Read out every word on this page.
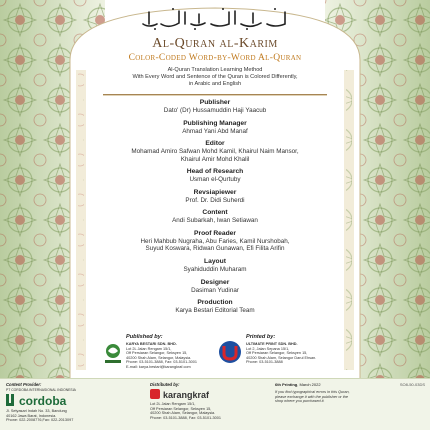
Al-Quran al-Karim
Color-Coded Word-by-Word Al-Quran
Al-Quran Translation Learning Method
With Every Word and Sentence of the Quran is Colored Differently,
in Arabic and English
Publisher
Dato' (Dr) Hussamuddin Haji Yaacub
Publishing Manager
Ahmad Yani Abd Manaf
Editor
Mohamad Amiro Safwan Mohd Kamil, Khairul Naim Mansor,
Khairul Amir Mohd Khalil
Head of Research
Usman el-Qurtuby
Revsiapiewer
Prof. Dr. Didi Suherdi
Content
Andi Subarkah, Iwan Setiawan
Proof Reader
Heri Mahbub Nugraha, Abu Faries, Kamil Nurshobah,
Suyud Koswara, Ridwan Gunawan, Efi Filita Arifin
Layout
Syahiduddin Muharam
Designer
Dasiman Yudinar
Production
Karya Bestari Editorial Team
Published by:
KARYA BESTARI SDN. BHD.
Lot 2L Jalan Rengam 15/1,
Off Persiaran Selangor, Seksyen 15,
40200 Shah Alam, Selangor, Malaysia.
Phone: 03-5101-3888, Fax: 03-5101-3001
E-mail: karya.bestari@karangkraf.com
Printed by:
ULTIMATE PRINT SDN. BHD.
Lot 2, Jalan Sepana 15/1,
Off Persiaran Selangor, Seksyen 15,
40200 Shah Alam, Selangor Darul Ehsan.
Phone: 03-5101-3888
Content Provider:
PT CORDOBA INTERNASIONAL INDONESIA
cordoba
Jl. Setyasari Indah No. 33, Bandung
40162 Jawa Barat, Indonesia.
Phone: 022-2008776,Fax: 022-2013097
Distributed by:
karangkraf
Lot 2L Jalan Rengam 15/1,
Off Persiaran Selangor, Seksyen 15,
40200 Shah Alam, Selangor, Malaysia.
Phone: 03-5101-3888, Fax: 03-5101-3001
6th Printing, March 2022	SO8-50-03DS
If you find typographical errors in this Quran,
please exchange it with the publisher or the
shop where you purchased it.
